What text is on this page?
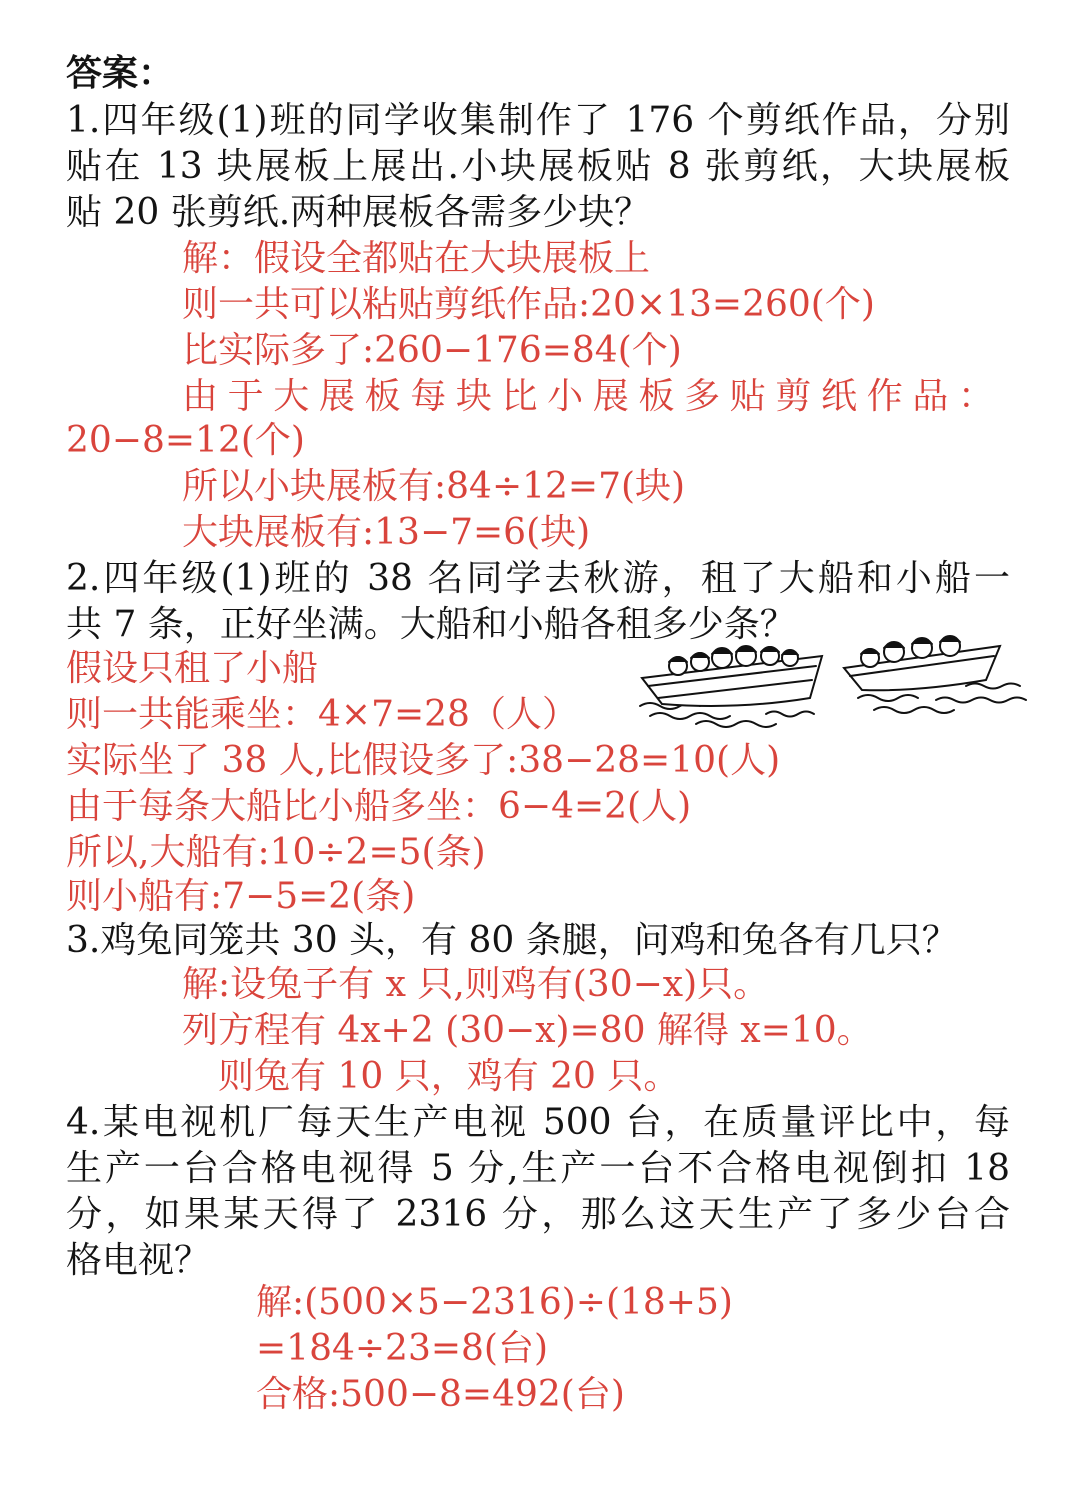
答案：
1.四年级(1)班的同学收集制作了 176 个剪纸作品，分别
贴在 13 块展板上展出.小块展板贴 8 张剪纸，大块展板
贴 20 张剪纸.两种展板各需多少块？
解：假设全都贴在大块展板上
则一共可以粘贴剪纸作品:20×13=260(个)
比实际多了:260−176=84(个)
由于大展板每块比小展板多贴剪纸作品：
20−8=12(个)
所以小块展板有:84÷12=7(块)
大块展板有:13−7=6(块)
2.四年级(1)班的 38 名同学去秋游，租了大船和小船一
共 7 条，正好坐满。大船和小船各租多少条？
假设只租了小船
则一共能乘坐：4×7=28（人）
实际坐了 38 人,比假设多了:38−28=10(人)
由于每条大船比小船多坐：6−4=2(人)
所以,大船有:10÷2=5(条)
则小船有:7−5=2(条)
3.鸡兔同笼共 30 头，有 80 条腿，问鸡和兔各有几只？
解:设兔子有 x 只,则鸡有(30−x)只。
列方程有 4x+2 (30−x)=80 解得 x=10。
则兔有 10 只，鸡有 20 只。
4.某电视机厂每天生产电视 500 台，在质量评比中，每
生产一台合格电视得 5 分,生产一台不合格电视倒扣 18
分，如果某天得了 2316 分，那么这天生产了多少台合
格电视？
解:(500×5−2316)÷(18+5)
=184÷23=8(台)
合格:500−8=492(台)
